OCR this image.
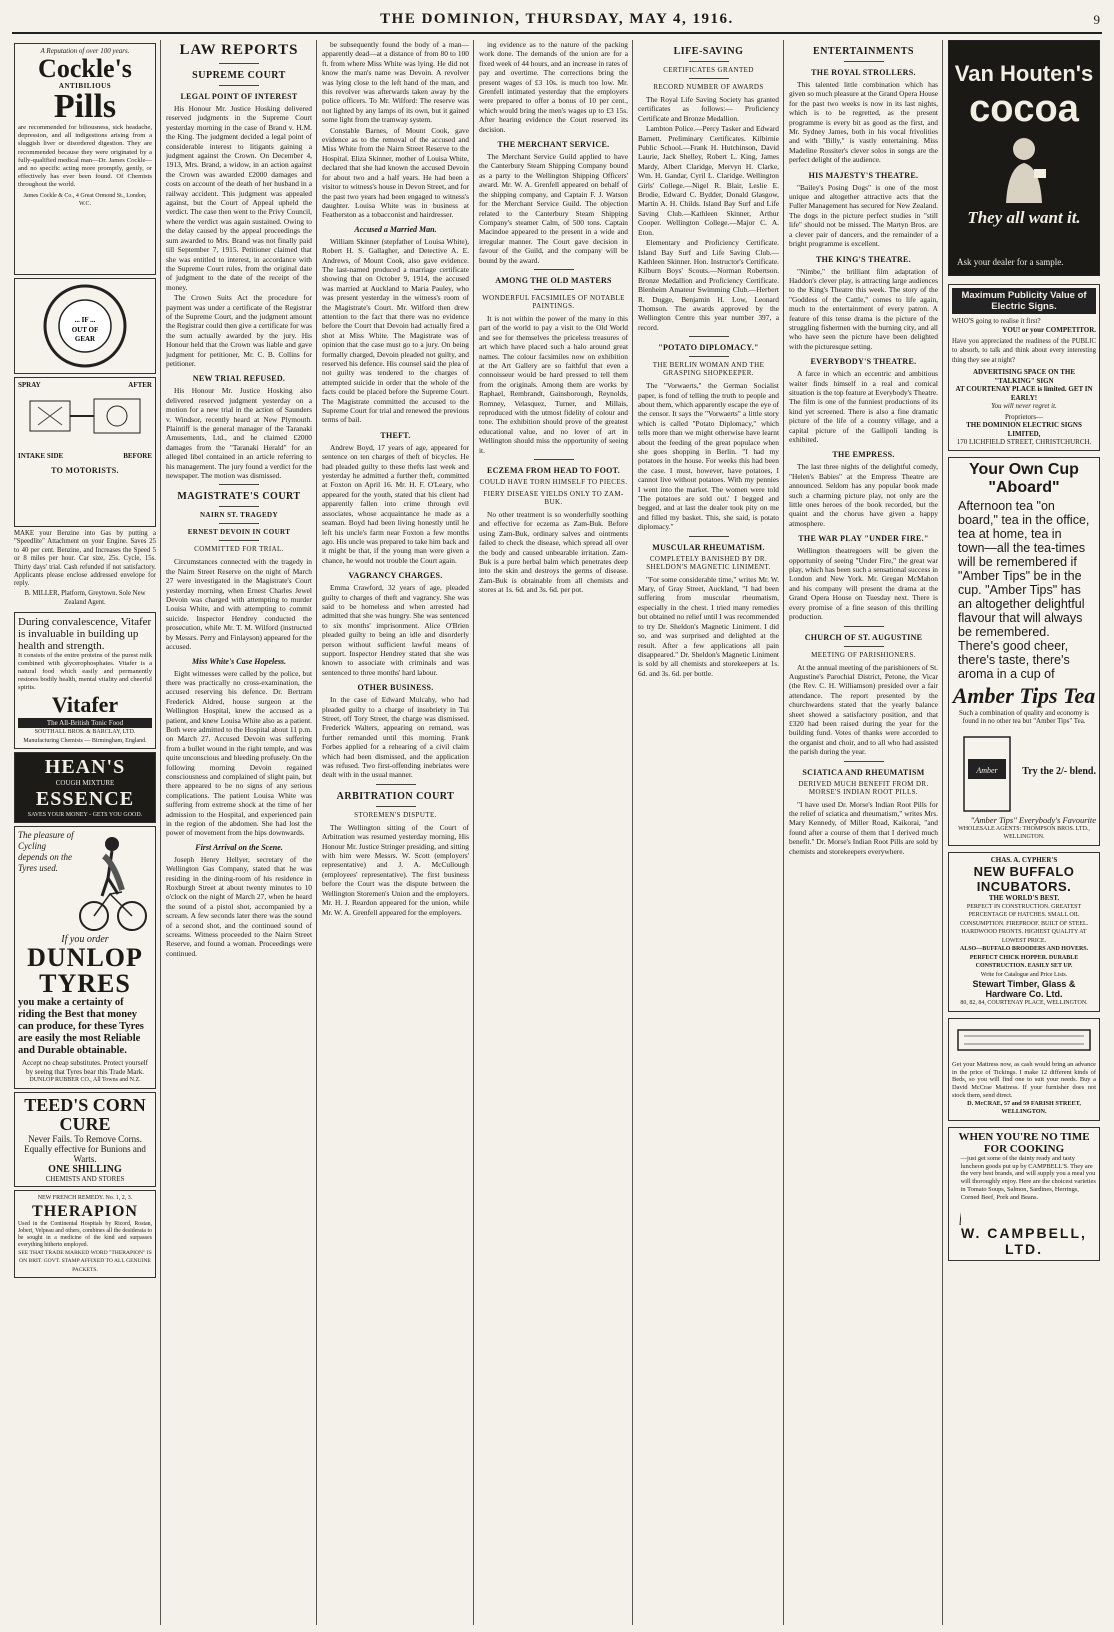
THE DOMINION, THURSDAY, MAY 4, 1916.	9
A Reputation of over 100 years.
Cockle's
ANTIBILIOUS
Pills
are recommended for biliousness, sick headache, depression, and all indigestions arising from a sluggish liver or disordered digestion. They are recommended because they were originated by a fully-qualified medical man—Dr. James Cockle—and no specific acting more promptly, gently, or effectively has ever been found. Of Chemists throughout the world.
James Cockle & Co., 4 Great Ormond St., London, W.C.
... IF ...
OUT OF
GEAR
SPRAY	AFTER
INTAKE SIDE	BEFORE
TO MOTORISTS.
MAKE your Benzine into Gas by putting a "Speedlite" Attachment on your Engine. Saves 25 to 40 per cent. Benzine, and Increases the Speed 5 or 8 miles per hour. Car size, 25s. Cycle, 15s. Thirty days' trial. Cash refunded if not satisfactory. Applicants please enclose addressed envelope for reply.
B. MILLER, Platform, Greytown. Sole New Zealand Agent.
During convalescence, Vitafer is invaluable in building up health and strength.
It consists of the entire proteins of the purest milk combined with glycerophosphates. Vitafer is a natural food which easily and permanently restores bodily health, mental vitality and cheerful spirits.
Vitafer
The All-British Tonic Food
SOUTHALL BROS. & BARCLAY, LTD. Manufacturing Chemists — Birmingham, England.
HEAN'S
COUGH MIXTURE
ESSENCE
SAVES YOUR MONEY - GETS YOU GOOD.
The pleasure of Cycling depends on the Tyres used.
If you order
DUNLOP TYRES
you make a certainty of riding the Best that money can produce, for these Tyres are easily the most Reliable and Durable obtainable.
Accept no cheap substitutes. Protect yourself by seeing that Tyres bear this Trade Mark.
DUNLOP RUBBER CO., All Towns and N.Z.
TEED'S CORN CURE
Never Fails. To Remove Corns. Equally effective for Bunions and Warts.
ONE SHILLING
CHEMISTS AND STORES
NEW FRENCH REMEDY. No. 1, 2, 3.
THERAPION
Used in the Continental Hospitals by Ricord, Rostan, Jobert, Velpeau and others, combines all the desiderata to be sought in a medicine of the kind and surpasses everything hitherto employed.
SEE THAT TRADE MARKED WORD "THERAPION" IS ON BRIT. GOVT. STAMP AFFIXED TO ALL GENUINE PACKETS.
LAW REPORTS
SUPREME COURT
LEGAL POINT OF INTEREST

His Honour Mr. Justice Hosking delivered reserved judgments in the Supreme Court yesterday morning in the case of Brand v. H.M. the King. The judgment decided a legal point of considerable interest to litigants gaining a judgment against the Crown. On December 4, 1913, Mrs. Brand, a widow, in an action against the Crown was awarded £2000 damages and costs on account of the death of her husband in a railway accident. This judgment was appealed against, but the Court of Appeal upheld the verdict. The case then went to the Privy Council, where the verdict was again sustained. Owing to the delay caused by the appeal proceedings the sum awarded to Mrs. Brand was not finally paid till September 7, 1915. Petitioner claimed that she was entitled to interest, in accordance with the Supreme Court rules, from the original date of judgment to the date of the receipt of the money.

The Crown Suits Act the procedure for payment was under a certificate of the Registrar of the Supreme Court, and the judgment amount the Registrar could then give a certificate for was the sum actually awarded by the jury. His Honour held that the Crown was liable and gave judgment for petitioner, Mr. C. B. Collins for petitioner.

NEW TRIAL REFUSED.

His Honour Mr. Justice Hosking also delivered reserved judgment yesterday on a motion for a new trial in the action of Saunders v. Windsor, recently heard at New Plymouth. Plaintiff is the general manager of the Taranaki Amusements, Ltd., and he claimed £2000 damages from the "Taranaki Herald" for an alleged libel contained in an article referring to his management. The jury found a verdict for the newspaper. The motion was dismissed.

MAGISTRATE'S COURT
NAIRN ST. TRAGEDY
ERNEST DEVOIN IN COURT
COMMITTED FOR TRIAL.

Circumstances connected with the tragedy in the Nairn Street Reserve on the night of March 27 were investigated in the Magistrate's Court yesterday morning, when Ernest Charles Jewel Devoin was charged with attempting to murder Louisa White, and with attempting to commit suicide. Inspector Hendrey conducted the prosecution, while Mr. T. M. Wilford (instructed by Messrs. Perry and Finlayson) appeared for the accused.

Miss White's Case Hopeless.

Eight witnesses were called by the police, but there was practically no cross-examination, the accused reserving his defence. Dr. Bertram Frederick Aldred, house surgeon at the Wellington Hospital, knew the accused as a patient, and knew Louisa White also as a patient. Both were admitted to the Hospital about 11 p.m. on March 27. Accused Devoin was suffering from a bullet wound in the right temple, and was quite unconscious and bleeding profusely. On the following morning Devoin regained consciousness and complained of slight pain, but there appeared to be no signs of any serious complications. The patient Louisa White was suffering from extreme shock at the time of her admission to the Hospital, and experienced pain in the region of the abdomen. She had lost the power of movement from the hips downwards.

First Arrival on the Scene.

Joseph Henry Hellyer, secretary of the Wellington Gas Company, stated that he was residing in the dining-room of his residence in Roxburgh Street at about twenty minutes to 10 o'clock on the night of March 27, when he heard the sound of a pistol shot, accompanied by a scream. A few seconds later there was the sound of a second shot, and the continued sound of screams. Witness proceeded to the Nairn Street Reserve, and found a woman. Proceedings were continued.

be subsequently found the body of a man—apparently dead—at a distance of from 80 to 100 ft. from where Miss White was lying. He did not know the man's name was Devoin. A revolver was lying close to the left hand of the man, and this revolver was afterwards taken away by the police officers. To Mr. Wilford: The reserve was not lighted by any lamps of its own, but it gained some light from the tramway system.

Constable Barnes, of Mount Cook, gave evidence as to the removal of the accused and Miss White from the Nairn Street Reserve to the Hospital. Eliza Skinner, mother of Louisa White, declared that she had known the accused Devoin for about two and a half years. He had been a visitor to witness's house in Devon Street, and for the past two years had been engaged to witness's daughter. Louisa White was in business at Featherston as a tobacconist and hairdresser.

Accused a Married Man.

William Skinner (stepfather of Louisa White), Robert H. S. Gallagher, and Detective A. E. Andrews, of Mount Cook, also gave evidence. The last-named produced a marriage certificate showing that on October 9, 1914, the accused was married at Auckland to Maria Pauley, who was present yesterday in the witness's room of the Magistrate's Court. Mr. Wilford then drew attention to the fact that there was no evidence before the Court that Devoin had actually fired a shot at Miss White. The Magistrate was of opinion that the case must go to a jury. On being formally charged, Devoin pleaded not guilty, and reserved his defence. His counsel said the plea of not guilty was tendered to the charges of attempted suicide in order that the whole of the facts could be placed before the Supreme Court. The Magistrate committed the accused to the Supreme Court for trial and renewed the previous terms of bail.

THEFT.

Andrew Boyd, 17 years of age, appeared for sentence on ten charges of theft of bicycles. He had pleaded guilty to these thefts last week and yesterday he admitted a further theft, committed at Foxton on April 16. Mr. H. F. O'Leary, who appeared for the youth, stated that his client had apparently fallen into crime through evil associates, whose acquaintance he made as a seaman. Boyd had been living honestly until he left his uncle's farm near Foxton a few months ago. His uncle was prepared to take him back and it might be that, if the young man were given a chance, he would not trouble the Court again.

VAGRANCY CHARGES.

Emma Crawford, 32 years of age, pleaded guilty to charges of theft and vagrancy. She was said to be homeless and when arrested had admitted that she was hungry. She was sentenced to six months' imprisonment. Alice O'Brien pleaded guilty to being an idle and disorderly person without sufficient lawful means of support. Inspector Hendrey stated that she was known to associate with criminals and was sentenced to three months' hard labour.

OTHER BUSINESS.

In the case of Edward Mulcahy, who had pleaded guilty to a charge of insobriety in Tui Street, off Tory Street, the charge was dismissed. Frederick Walters, appearing on remand, was further remanded until this morning. Frank Forbes applied for a rehearing of a civil claim which had been dismissed, and the application was refused. Two first-offending inebriates were dealt with in the usual manner.

ARBITRATION COURT
STOREMEN'S DISPUTE.

The Wellington sitting of the Court of Arbitration was resumed yesterday morning, His Honour Mr. Justice Stringer presiding, and sitting with him were Messrs. W. Scott (employers' representative) and J. A. McCullough (employees' representative). The first business before the Court was the dispute between the Wellington Storemen's Union and the employers. Mr. H. J. Reardon appeared for the union, while Mr. W. A. Grenfell appeared for the employers.

ing evidence as to the nature of the packing work done. The demands of the union are for a fixed week of 44 hours, and an increase in rates of pay and overtime. The corrections bring the present wages of £3 10s. is much too low. Mr. Grenfell intimated yesterday that the employers were prepared to offer a bonus of 10 per cent., which would bring the men's wages up to £3 15s. After hearing evidence the Court reserved its decision.

THE MERCHANT SERVICE.

The Merchant Service Guild applied to have the Canterbury Steam Shipping Company bound as a party to the Wellington Shipping Officers' award. Mr. W. A. Grenfell appeared on behalf of the shipping company, and Captain F. J. Watson for the Merchant Service Guild. The objection related to the Canterbury Steam Shipping Company's steamer Calm, of 500 tons. Captain Macindoe appeared to the present in a wide and irregular manner. The Court gave decision in favour of the Guild, and the company will be bound by the award.

AMONG THE OLD MASTERS
WONDERFUL FACSIMILES OF NOTABLE PAINTINGS.

It is not within the power of the many in this part of the world to pay a visit to the Old World and see for themselves the priceless treasures of art which have placed such a halo around great names. The colour facsimiles now on exhibition at the Art Gallery are so faithful that even a connoisseur would be hard pressed to tell them from the originals. Among them are works by Raphael, Rembrandt, Gainsborough, Reynolds, Romney, Velasquez, Turner, and Millais, reproduced with the utmost fidelity of colour and tone. The exhibition should prove of the greatest educational value, and no lover of art in Wellington should miss the opportunity of seeing it.

ECZEMA FROM HEAD TO FOOT.
COULD HAVE TORN HIMSELF TO PIECES.
FIERY DISEASE YIELDS ONLY TO ZAM-BUK.

No other treatment is so wonderfully soothing and effective for eczema as Zam-Buk. Before using Zam-Buk, ordinary salves and ointments failed to check the disease, which spread all over the body and caused unbearable irritation. Zam-Buk is a pure herbal balm which penetrates deep into the skin and destroys the germs of disease. Zam-Buk is obtainable from all chemists and stores at 1s. 6d. and 3s. 6d. per pot.

LIFE-SAVING
CERTIFICATES GRANTED
RECORD NUMBER OF AWARDS

The Royal Life Saving Society has granted certificates as follows:— Proficiency Certificate and Bronze Medallion.

Lambton Police.—Percy Tasker and Edward Barnett. Preliminary Certificates. Kilbirnie Public School.—Frank H. Hutchinson, David Laurie, Jack Shelley, Robert L. King, James Mardy, Albert Claridge, Mervyn H. Clarke, Wm. H. Gandar, Cyril L. Claridge. Wellington Girls' College.—Nigel R. Blair, Leslie E. Brodie, Edward C. Bydder, Donald Glasgow, Martin A. H. Childs. Island Bay Surf and Life Saving Club.—Kathleen Skinner, Arthur Cooper. Wellington College.—Major C. A. Eton.

Elementary and Proficiency Certificate. Island Bay Surf and Life Saving Club.—Kathleen Skinner. Hon. Instructor's Certificate. Kilburn Boys' Scouts.—Norman Robertson. Bronze Medallion and Proficiency Certificate. Blenheim Amateur Swimming Club.—Herbert R. Dugge, Benjamin H. Low, Leonard Thomson. The awards approved by the Wellington Centre this year number 397, a record.

"POTATO DIPLOMACY."
THE BERLIN WOMAN AND THE GRASPING SHOPKEEPER.

The "Vorwaerts," the German Socialist paper, is fond of telling the truth to people and about them, which apparently escape the eye of the censor. It says the "Vorwaerts" a little story which is called "Potato Diplomacy," which tells more than we might otherwise have learnt about the feeding of the great populace when she goes shopping in Berlin. "I had my potatoes in the house. For weeks this had been the case. I must, however, have potatoes, I cannot live without potatoes. With my pennies I went into the market. The women were told 'The potatoes are sold out.' I begged and begged, and at last the dealer took pity on me and filled my basket. This, she said, is potato diplomacy."

MUSCULAR RHEUMATISM.
COMPLETELY BANISHED BY DR. SHELDON'S MAGNETIC LINIMENT.

"For some considerable time," writes Mr. W. Mary, of Gray Street, Auckland, "I had been suffering from muscular rheumatism, especially in the chest. I tried many remedies but obtained no relief until I was recommended to try Dr. Sheldon's Magnetic Liniment. I did so, and was surprised and delighted at the result. After a few applications all pain disappeared." Dr. Sheldon's Magnetic Liniment is sold by all chemists and storekeepers at 1s. 6d. and 3s. 6d. per bottle.

ENTERTAINMENTS
THE ROYAL STROLLERS.

This talented little combination which has given so much pleasure at the Grand Opera House for the past two weeks is now in its last nights, which is to be regretted, as the present programme is every bit as good as the first, and Mr. Sydney James, both in his vocal frivolities and with "Billy," is vastly entertaining. Miss Madeline Rossiter's clever solos in songs are the perfect delight of the audience.

HIS MAJESTY'S THEATRE.

"Bailey's Posing Dogs" is one of the most unique and altogether attractive acts that the Fuller Management has secured for New Zealand. The dogs in the picture perfect studies in "still life" should not be missed. The Martyn Bros. are a clever pair of dancers, and the remainder of a bright programme is excellent.

THE KING'S THEATRE.

"Nimbe," the brilliant film adaptation of Haddon's clever play, is attracting large audiences to the King's Theatre this week. The story of the "Goddess of the Cattle," comes to life again, much to the entertainment of every patron. A feature of this tense drama is the picture of the struggling fishermen with the burning city, and all who have seen the picture have been delighted with the picturesque setting.

EVERYBODY'S THEATRE.

A farce in which an eccentric and ambitious waiter finds himself in a real and comical situation is the top feature at Everybody's Theatre. The film is one of the funniest productions of its kind yet screened. There is also a fine dramatic picture of the life of a country village, and a capital picture of the Gallipoli landing is exhibited.

THE EMPRESS.

The last three nights of the delightful comedy, "Helen's Babies" at the Empress Theatre are announced. Seldom has any popular book made such a charming picture play, not only are the little ones heroes of the book recorded, but the quaint and the chorus have given a happy atmosphere.

THE WAR PLAY "UNDER FIRE."

Wellington theatregoers will be given the opportunity of seeing "Under Fire," the great war play, which has been such a sensational success in London and New York. Mr. Gregan McMahon and his company will present the drama at the Grand Opera House on Tuesday next. There is every promise of a fine season of this thrilling production.

CHURCH OF ST. AUGUSTINE
MEETING OF PARISHIONERS.

At the annual meeting of the parishioners of St. Augustine's Parochial District, Petone, the Vicar (the Rev. C. H. Williamson) presided over a fair attendance. The report presented by the churchwardens stated that the yearly balance sheet showed a satisfactory position, and that £320 had been raised during the year for the building fund. Votes of thanks were accorded to the organist and choir, and to all who had assisted the parish during the year.

SCIATICA AND RHEUMATISM
DERIVED MUCH BENEFIT FROM DR. MORSE'S INDIAN ROOT PILLS.

"I have used Dr. Morse's Indian Root Pills for the relief of sciatica and rheumatism," writes Mrs. Mary Kennedy, of Miller Road, Kaikorai, "and found after a course of them that I derived much benefit." Dr. Morse's Indian Root Pills are sold by chemists and storekeepers everywhere.

Van Houten's
cocoa
They all want it.
Ask your dealer for a sample.
Maximum Publicity Value of Electric Signs.
WHO'S going to realise it first?
YOU! or your COMPETITOR.
Have you appreciated the readiness of the PUBLIC to absorb, to talk and think about every interesting thing they see at night?
ADVERTISING SPACE ON THE "TALKING" SIGN
AT COURTENAY PLACE is limited. GET IN EARLY!
You will never regret it.
Proprietors—
THE DOMINION ELECTRIC SIGNS LIMITED,
170 LICHFIELD STREET, CHRISTCHURCH.
Your Own Cup "Aboard"
Afternoon tea "on board," tea in the office, tea at home, tea in town—all the tea-times will be remembered if "Amber Tips" be in the cup. "Amber Tips" has an altogether delightful flavour that will always be remembered. There's good cheer, there's taste, there's aroma in a cup of
Amber Tips Tea
Such a combination of quality and economy is found in no other tea but "Amber Tips" Tea.
Amber Try the 2/- blend.
"Amber Tips" Everybody's Favourite
WHOLESALE AGENTS: THOMPSON BROS. LTD., WELLINGTON.
CHAS. A. CYPHER'S
NEW BUFFALO INCUBATORS.
THE WORLD'S BEST.
PERFECT IN CONSTRUCTION. GREATEST PERCENTAGE OF HATCHES. SMALL OIL CONSUMPTION. FIREPROOF. BUILT OF STEEL. HARDWOOD FRONTS. HIGHEST QUALITY AT LOWEST PRICE.
ALSO—BUFFALO BROODERS AND HOVERS. PERFECT CHICK HOPPER. DURABLE CONSTRUCTION. EASILY SET UP.
Write for Catalogue and Price Lists.
Stewart Timber, Glass & Hardware Co. Ltd.
80, 82, 84, COURTENAY PLACE, WELLINGTON.
Get your Mattress now, as cash would bring an advance in the price of Tickings. I make 12 different kinds of Beds, so you will find one to suit your needs. Buy a David McCrae Mattress. If your furnisher does not stock them, send direct.
D. McCRAE, 57 and 59 FARISH STREET, WELLINGTON.
WHEN YOU'RE NO TIME FOR COOKING
—just get some of the dainty ready and tasty luncheon goods put up by CAMPBELL'S. They are the very best brands, and will supply you a meal you will thoroughly enjoy. Here are the choicest varieties in Tomato Soups, Salmon, Sardines, Herrings, Corned Beef, Pork and Beans.
W. CAMPBELL, LTD.
